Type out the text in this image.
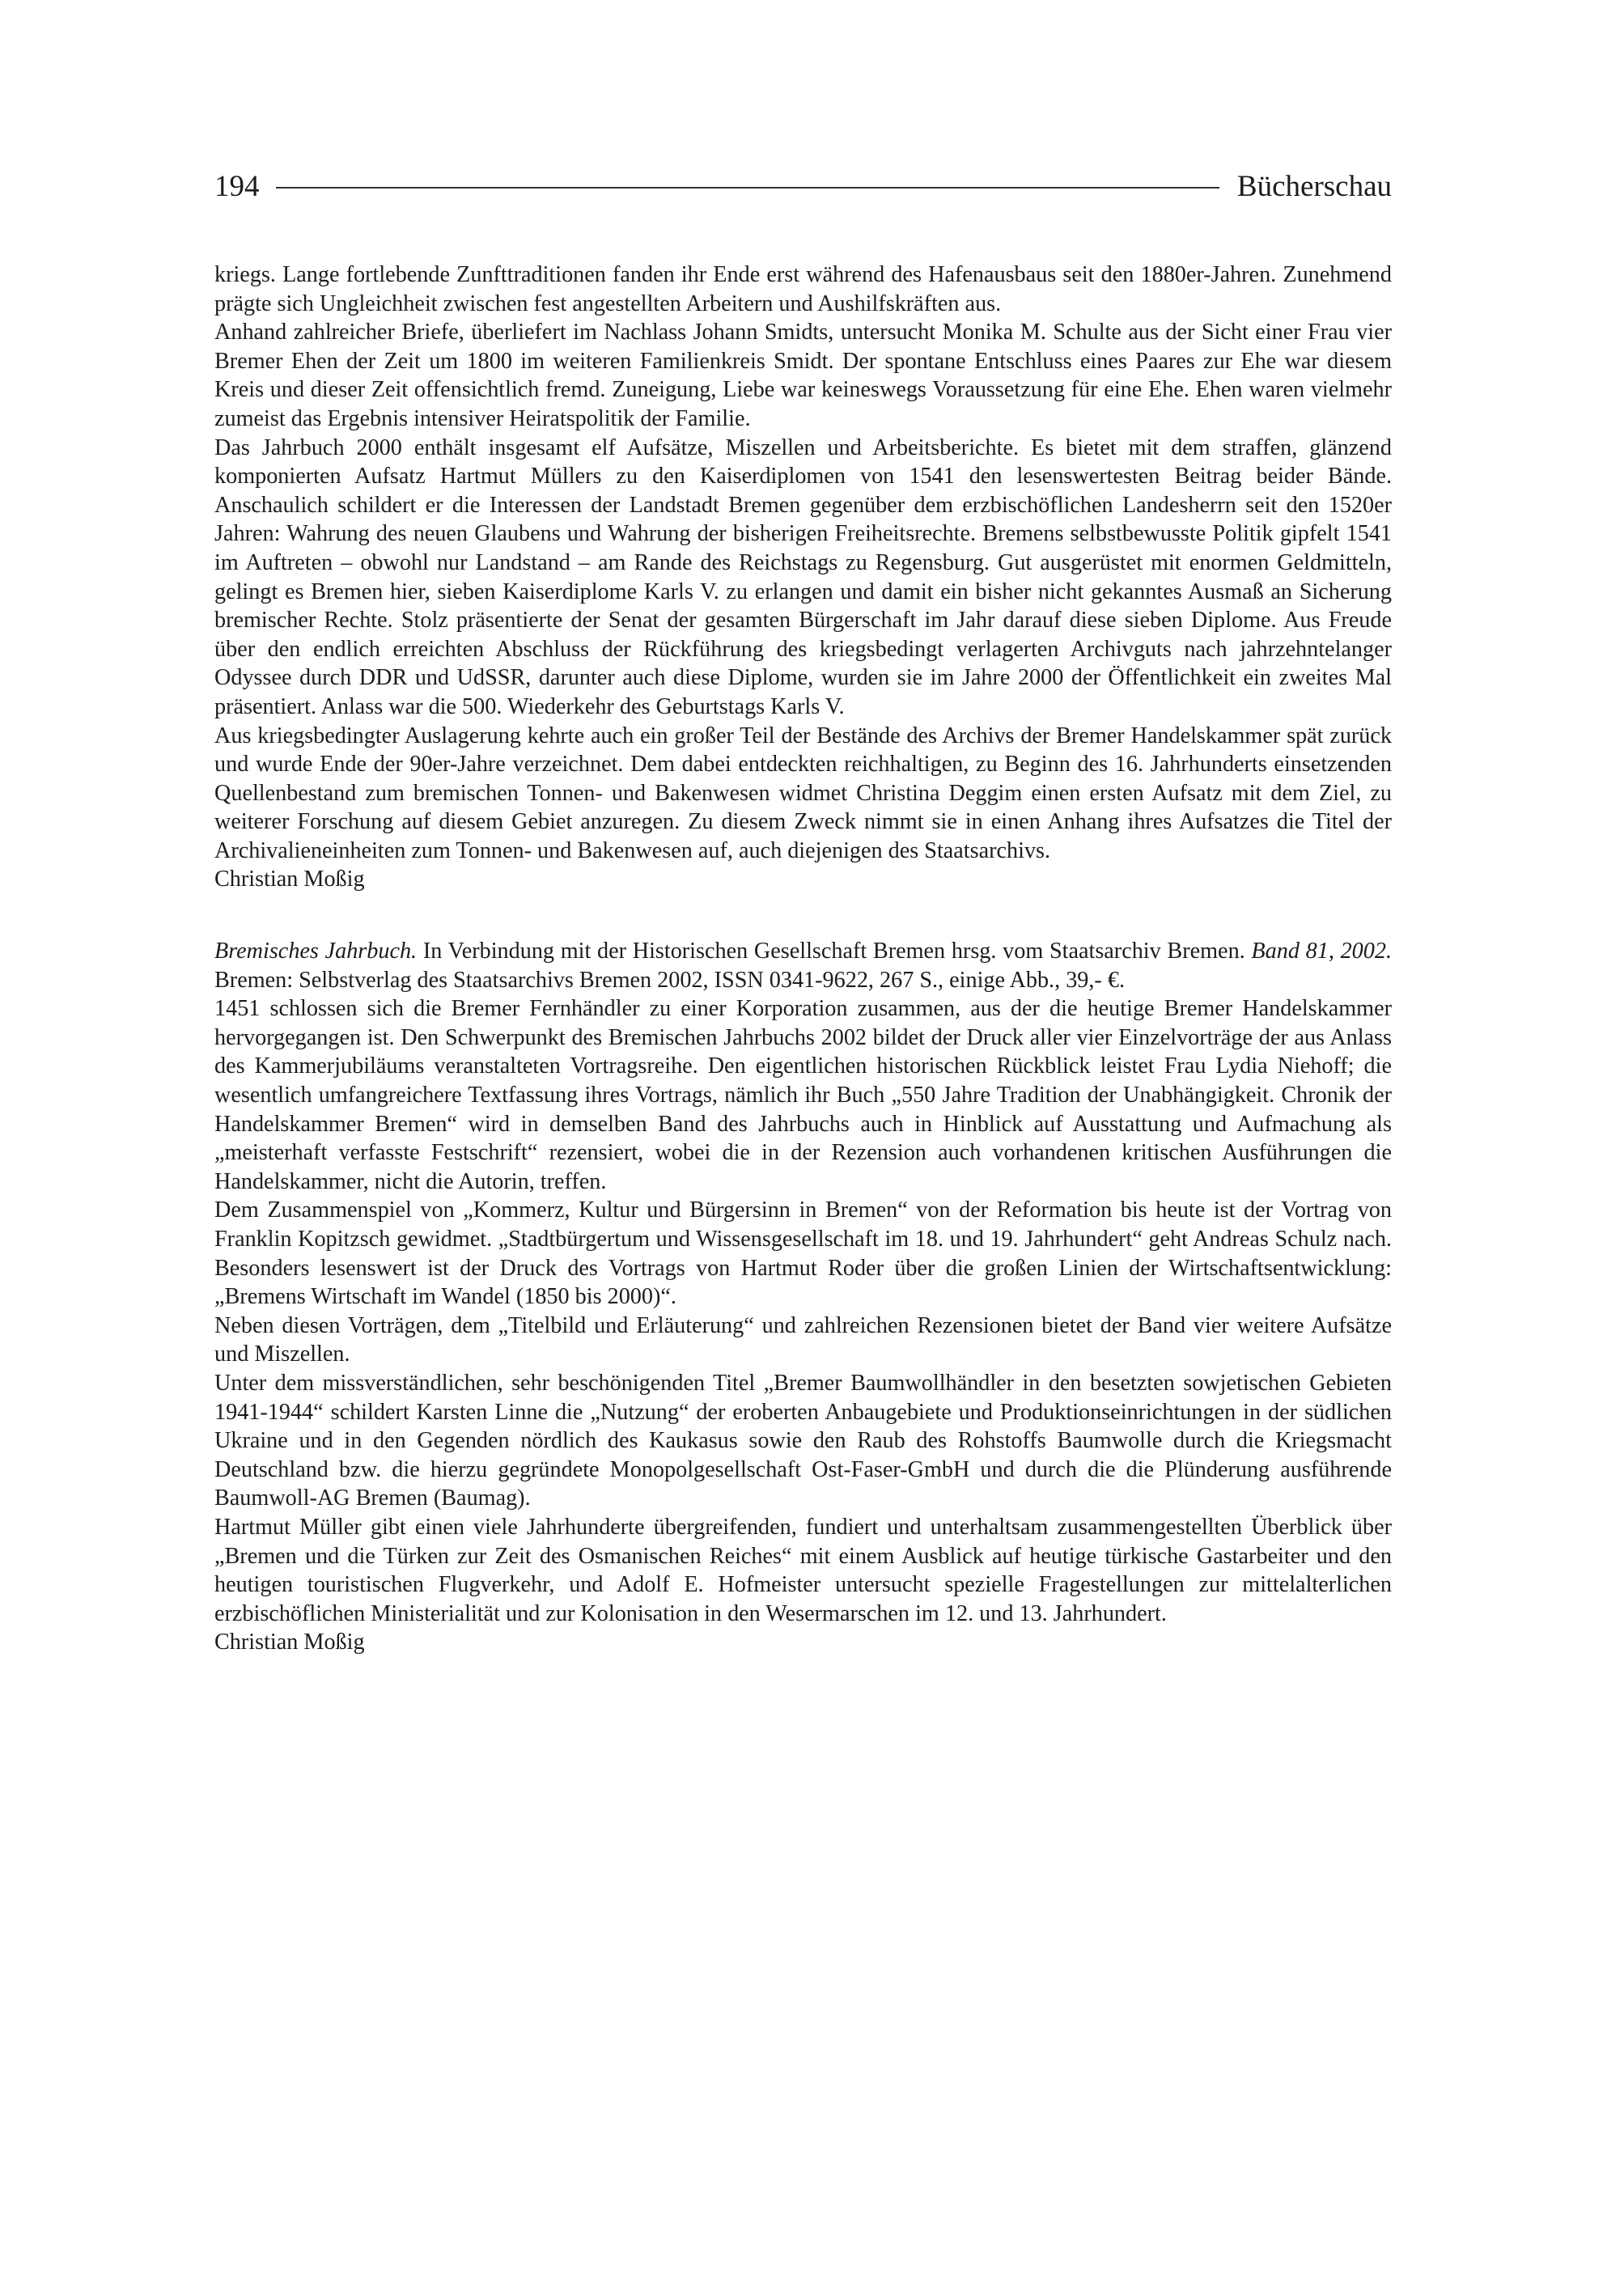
194	Bücherschau

kriegs. Lange fortlebende Zunfttraditionen fanden ihr Ende erst während des Hafenausbaus seit den 1880er-Jahren. Zunehmend prägte sich Ungleichheit zwischen fest angestellten Arbeitern und Aushilfskräften aus.

Anhand zahlreicher Briefe, überliefert im Nachlass Johann Smidts, untersucht Monika M. Schulte aus der Sicht einer Frau vier Bremer Ehen der Zeit um 1800 im weiteren Familienkreis Smidt. Der spontane Entschluss eines Paares zur Ehe war diesem Kreis und dieser Zeit offensichtlich fremd. Zuneigung, Liebe war keineswegs Voraussetzung für eine Ehe. Ehen waren vielmehr zumeist das Ergebnis intensiver Heiratspolitik der Familie.

Das Jahrbuch 2000 enthält insgesamt elf Aufsätze, Miszellen und Arbeitsberichte. Es bietet mit dem straffen, glänzend komponierten Aufsatz Hartmut Müllers zu den Kaiserdiplomen von 1541 den lesenswertesten Beitrag beider Bände. Anschaulich schildert er die Interessen der Landstadt Bremen gegenüber dem erzbischöflichen Landesherrn seit den 1520er Jahren: Wahrung des neuen Glaubens und Wahrung der bisherigen Freiheitsrechte. Bremens selbstbewusste Politik gipfelt 1541 im Auftreten – obwohl nur Landstand – am Rande des Reichstags zu Regensburg. Gut ausgerüstet mit enormen Geldmitteln, gelingt es Bremen hier, sieben Kaiserdiplome Karls V. zu erlangen und damit ein bisher nicht gekanntes Ausmaß an Sicherung bremischer Rechte. Stolz präsentierte der Senat der gesamten Bürgerschaft im Jahr darauf diese sieben Diplome. Aus Freude über den endlich erreichten Abschluss der Rückführung des kriegsbedingt verlagerten Archivguts nach jahrzehntelanger Odyssee durch DDR und UdSSR, darunter auch diese Diplome, wurden sie im Jahre 2000 der Öffentlichkeit ein zweites Mal präsentiert. Anlass war die 500. Wiederkehr des Geburtstags Karls V.

Aus kriegsbedingter Auslagerung kehrte auch ein großer Teil der Bestände des Archivs der Bremer Handelskammer spät zurück und wurde Ende der 90er-Jahre verzeichnet. Dem dabei entdeckten reichhaltigen, zu Beginn des 16. Jahrhunderts einsetzenden Quellenbestand zum bremischen Tonnen- und Bakenwesen widmet Christina Deggim einen ersten Aufsatz mit dem Ziel, zu weiterer Forschung auf diesem Gebiet anzuregen. Zu diesem Zweck nimmt sie in einen Anhang ihres Aufsatzes die Titel der Archivalieneinheiten zum Tonnen- und Bakenwesen auf, auch diejenigen des Staatsarchivs.

Christian Moßig

Bremisches Jahrbuch. In Verbindung mit der Historischen Gesellschaft Bremen hrsg. vom Staatsarchiv Bremen. Band 81, 2002. Bremen: Selbstverlag des Staatsarchivs Bremen 2002, ISSN 0341-9622, 267 S., einige Abb., 39,- €.

1451 schlossen sich die Bremer Fernhändler zu einer Korporation zusammen, aus der die heutige Bremer Handelskammer hervorgegangen ist. Den Schwerpunkt des Bremischen Jahrbuchs 2002 bildet der Druck aller vier Einzelvorträge der aus Anlass des Kammerjubiläums veranstalteten Vortragsreihe. Den eigentlichen historischen Rückblick leistet Frau Lydia Niehoff; die wesentlich umfangreichere Textfassung ihres Vortrags, nämlich ihr Buch „550 Jahre Tradition der Unabhängigkeit. Chronik der Handelskammer Bremen“ wird in demselben Band des Jahrbuchs auch in Hinblick auf Ausstattung und Aufmachung als „meisterhaft verfasste Festschrift“ rezensiert, wobei die in der Rezension auch vorhandenen kritischen Ausführungen die Handelskammer, nicht die Autorin, treffen.

Dem Zusammenspiel von „Kommerz, Kultur und Bürgersinn in Bremen“ von der Reformation bis heute ist der Vortrag von Franklin Kopitzsch gewidmet. „Stadtbürgertum und Wissensgesellschaft im 18. und 19. Jahrhundert“ geht Andreas Schulz nach. Besonders lesenswert ist der Druck des Vortrags von Hartmut Roder über die großen Linien der Wirtschaftsentwicklung: „Bremens Wirtschaft im Wandel (1850 bis 2000)“.

Neben diesen Vorträgen, dem „Titelbild und Erläuterung“ und zahlreichen Rezensionen bietet der Band vier weitere Aufsätze und Miszellen.

Unter dem missverständlichen, sehr beschönigenden Titel „Bremer Baumwollhändler in den besetzten sowjetischen Gebieten 1941-1944“ schildert Karsten Linne die „Nutzung“ der eroberten Anbaugebiete und Produktionseinrichtungen in der südlichen Ukraine und in den Gegenden nördlich des Kaukasus sowie den Raub des Rohstoffs Baumwolle durch die Kriegsmacht Deutschland bzw. die hierzu gegründete Monopolgesellschaft Ost-Faser-GmbH und durch die die Plünderung ausführende Baumwoll-AG Bremen (Baumag).

Hartmut Müller gibt einen viele Jahrhunderte übergreifenden, fundiert und unterhaltsam zusammengestellten Überblick über „Bremen und die Türken zur Zeit des Osmanischen Reiches“ mit einem Ausblick auf heutige türkische Gastarbeiter und den heutigen touristischen Flugverkehr, und Adolf E. Hofmeister untersucht spezielle Fragestellungen zur mittelalterlichen erzbischöflichen Ministerialität und zur Kolonisation in den Wesermarschen im 12. und 13. Jahrhundert.

Christian Moßig
